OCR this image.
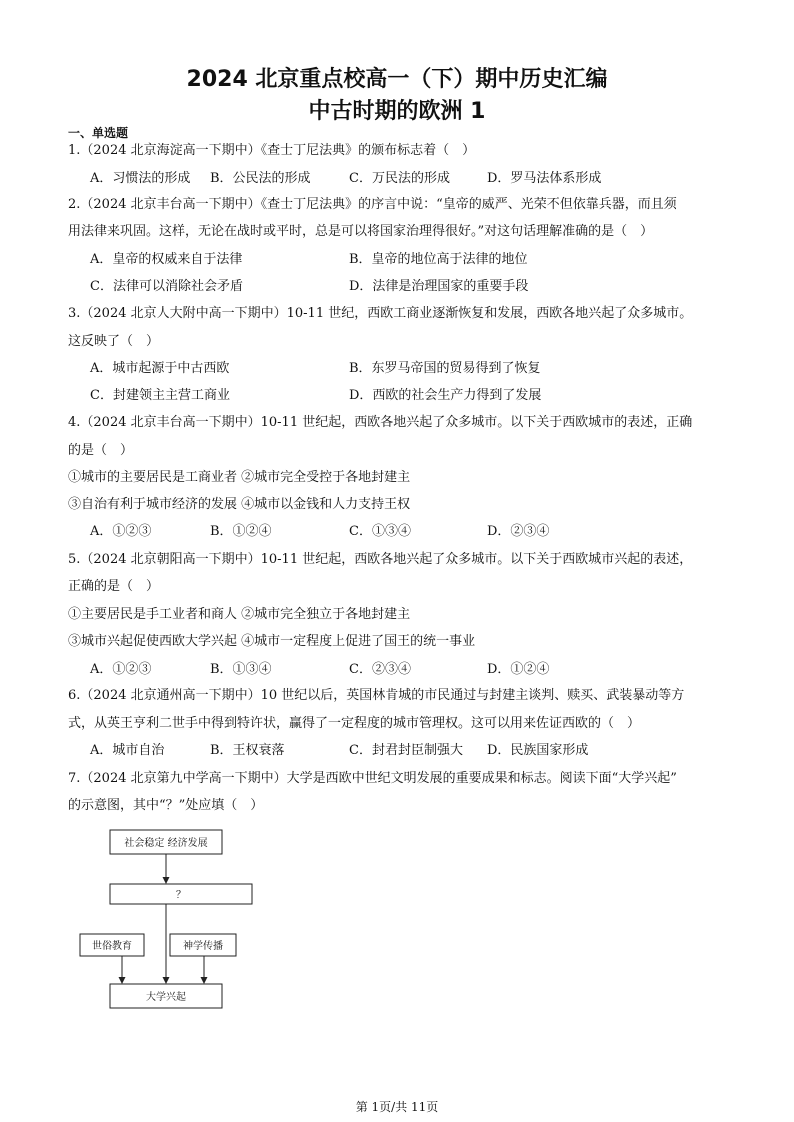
2024 北京重点校高一（下）期中历史汇编
中古时期的欧洲 1
一、单选题
1.（2024 北京海淀高一下期中）《查士丁尼法典》的颁布标志着（　）
A．习惯法的形成 B．公民法的形成	C．万民法的形成	D．罗马法体系形成
2.（2024 北京丰台高一下期中）《查士丁尼法典》的序言中说：“皇帝的威严、光荣不但依靠兵器，而且须
用法律来巩固。这样，无论在战时或平时，总是可以将国家治理得很好。”对这句话理解准确的是（　）
A．皇帝的权威来自于法律	B．皇帝的地位高于法律的地位
C．法律可以消除社会矛盾	D．法律是治理国家的重要手段
3.（2024 北京人大附中高一下期中）10-11 世纪，西欧工商业逐渐恢复和发展，西欧各地兴起了众多城市。
这反映了（　）
A．城市起源于中古西欧	B．东罗马帝国的贸易得到了恢复
C．封建领主主营工商业	D．西欧的社会生产力得到了发展
4.（2024 北京丰台高一下期中）10-11 世纪起，西欧各地兴起了众多城市。以下关于西欧城市的表述，正确
的是（　）
①城市的主要居民是工商业者 ②城市完全受控于各地封建主
③自治有利于城市经济的发展 ④城市以金钱和人力支持王权
A．①②③	B．①②④	C．①③④	D．②③④
5.（2024 北京朝阳高一下期中）10-11 世纪起，西欧各地兴起了众多城市。以下关于西欧城市兴起的表述，
正确的是（　）
①主要居民是手工业者和商人 ②城市完全独立于各地封建主
③城市兴起促使西欧大学兴起 ④城市一定程度上促进了国王的统一事业
A．①②③	B．①③④	C．②③④	D．①②④
6.（2024 北京通州高一下期中）10 世纪以后，英国林肯城的市民通过与封建主谈判、赎买、武装暴动等方
式，从英王亨利二世手中得到特许状，赢得了一定程度的城市管理权。这可以用来佐证西欧的（　）
A．城市自治	B．王权衰落	C．封君封臣制强大 D．民族国家形成
7.（2024 北京第九中学高一下期中）大学是西欧中世纪文明发展的重要成果和标志。阅读下面“大学兴起”
的示意图，其中“？”处应填（　）
社会稳定 经济发展
？
世俗教育	神学传播
大学兴起
第 1页/共 11页
